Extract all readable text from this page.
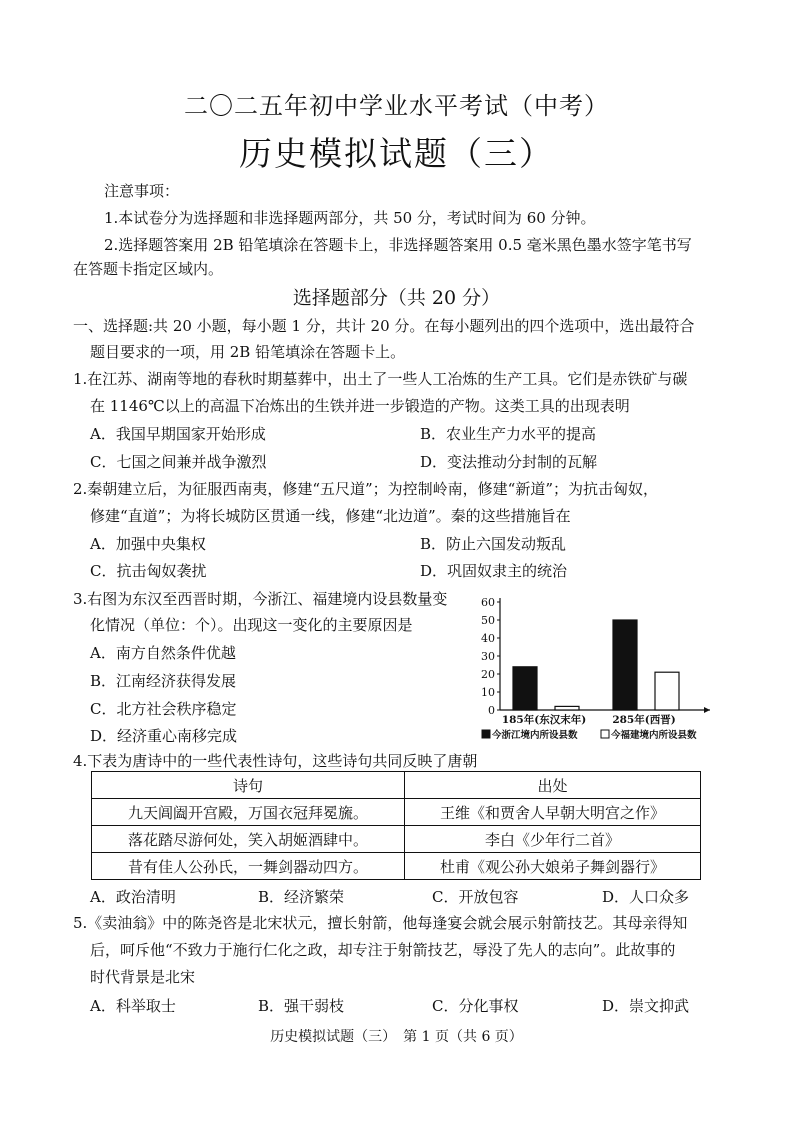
二〇二五年初中学业水平考试（中考）
历史模拟试题（三）
注意事项：
1.本试卷分为选择题和非选择题两部分，共 50 分，考试时间为 60 分钟。
2.选择题答案用 2B 铅笔填涂在答题卡上，非选择题答案用 0.5 毫米黑色墨水签字笔书写
在答题卡指定区域内。
选择题部分（共 20 分）
一、选择题:共 20 小题，每小题 1 分，共计 20 分。在每小题列出的四个选项中，选出最符合
题目要求的一项，用 2B 铅笔填涂在答题卡上。
1.在江苏、湖南等地的春秋时期墓葬中，出土了一些人工冶炼的生产工具。它们是赤铁矿与碳
在 1146℃以上的高温下冶炼出的生铁并进一步锻造的产物。这类工具的出现表明
A．我国早期国家开始形成	B．农业生产力水平的提高
C．七国之间兼并战争激烈	D．变法推动分封制的瓦解
2.秦朝建立后，为征服西南夷，修建“五尺道”；为控制岭南，修建“新道”；为抗击匈奴，
修建“直道”；为将长城防区贯通一线，修建“北边道”。秦的这些措施旨在
A．加强中央集权	B．防止六国发动叛乱
C．抗击匈奴袭扰	D．巩固奴隶主的统治
3.右图为东汉至西晋时期，今浙江、福建境内设县数量变
化情况（单位：个）。出现这一变化的主要原因是
A．南方自然条件优越
B．江南经济获得发展
C．北方社会秩序稳定
D．经济重心南移完成
0
10
20
30
40
50
60
185年(东汉末年) 285年(西晋)
今浙江境内所设县数	今福建境内所设县数
4.下表为唐诗中的一些代表性诗句，这些诗句共同反映了唐朝
诗句	出处
九天阊阖开宫殿，万国衣冠拜冕旒。	王维《和贾舍人早朝大明宫之作》
落花踏尽游何处，笑入胡姬酒肆中。	李白《少年行二首》
昔有佳人公孙氏，一舞剑器动四方。	杜甫《观公孙大娘弟子舞剑器行》
A．政治清明	B．经济繁荣	C．开放包容	D．人口众多
5.《卖油翁》中的陈尧咨是北宋状元，擅长射箭，他每逢宴会就会展示射箭技艺。其母亲得知
后，呵斥他“不致力于施行仁化之政，却专注于射箭技艺，辱没了先人的志向”。此故事的
时代背景是北宋
A．科举取士	B．强干弱枝	C．分化事权	D．崇文抑武
历史模拟试题（三）　第 1 页（共 6 页）
